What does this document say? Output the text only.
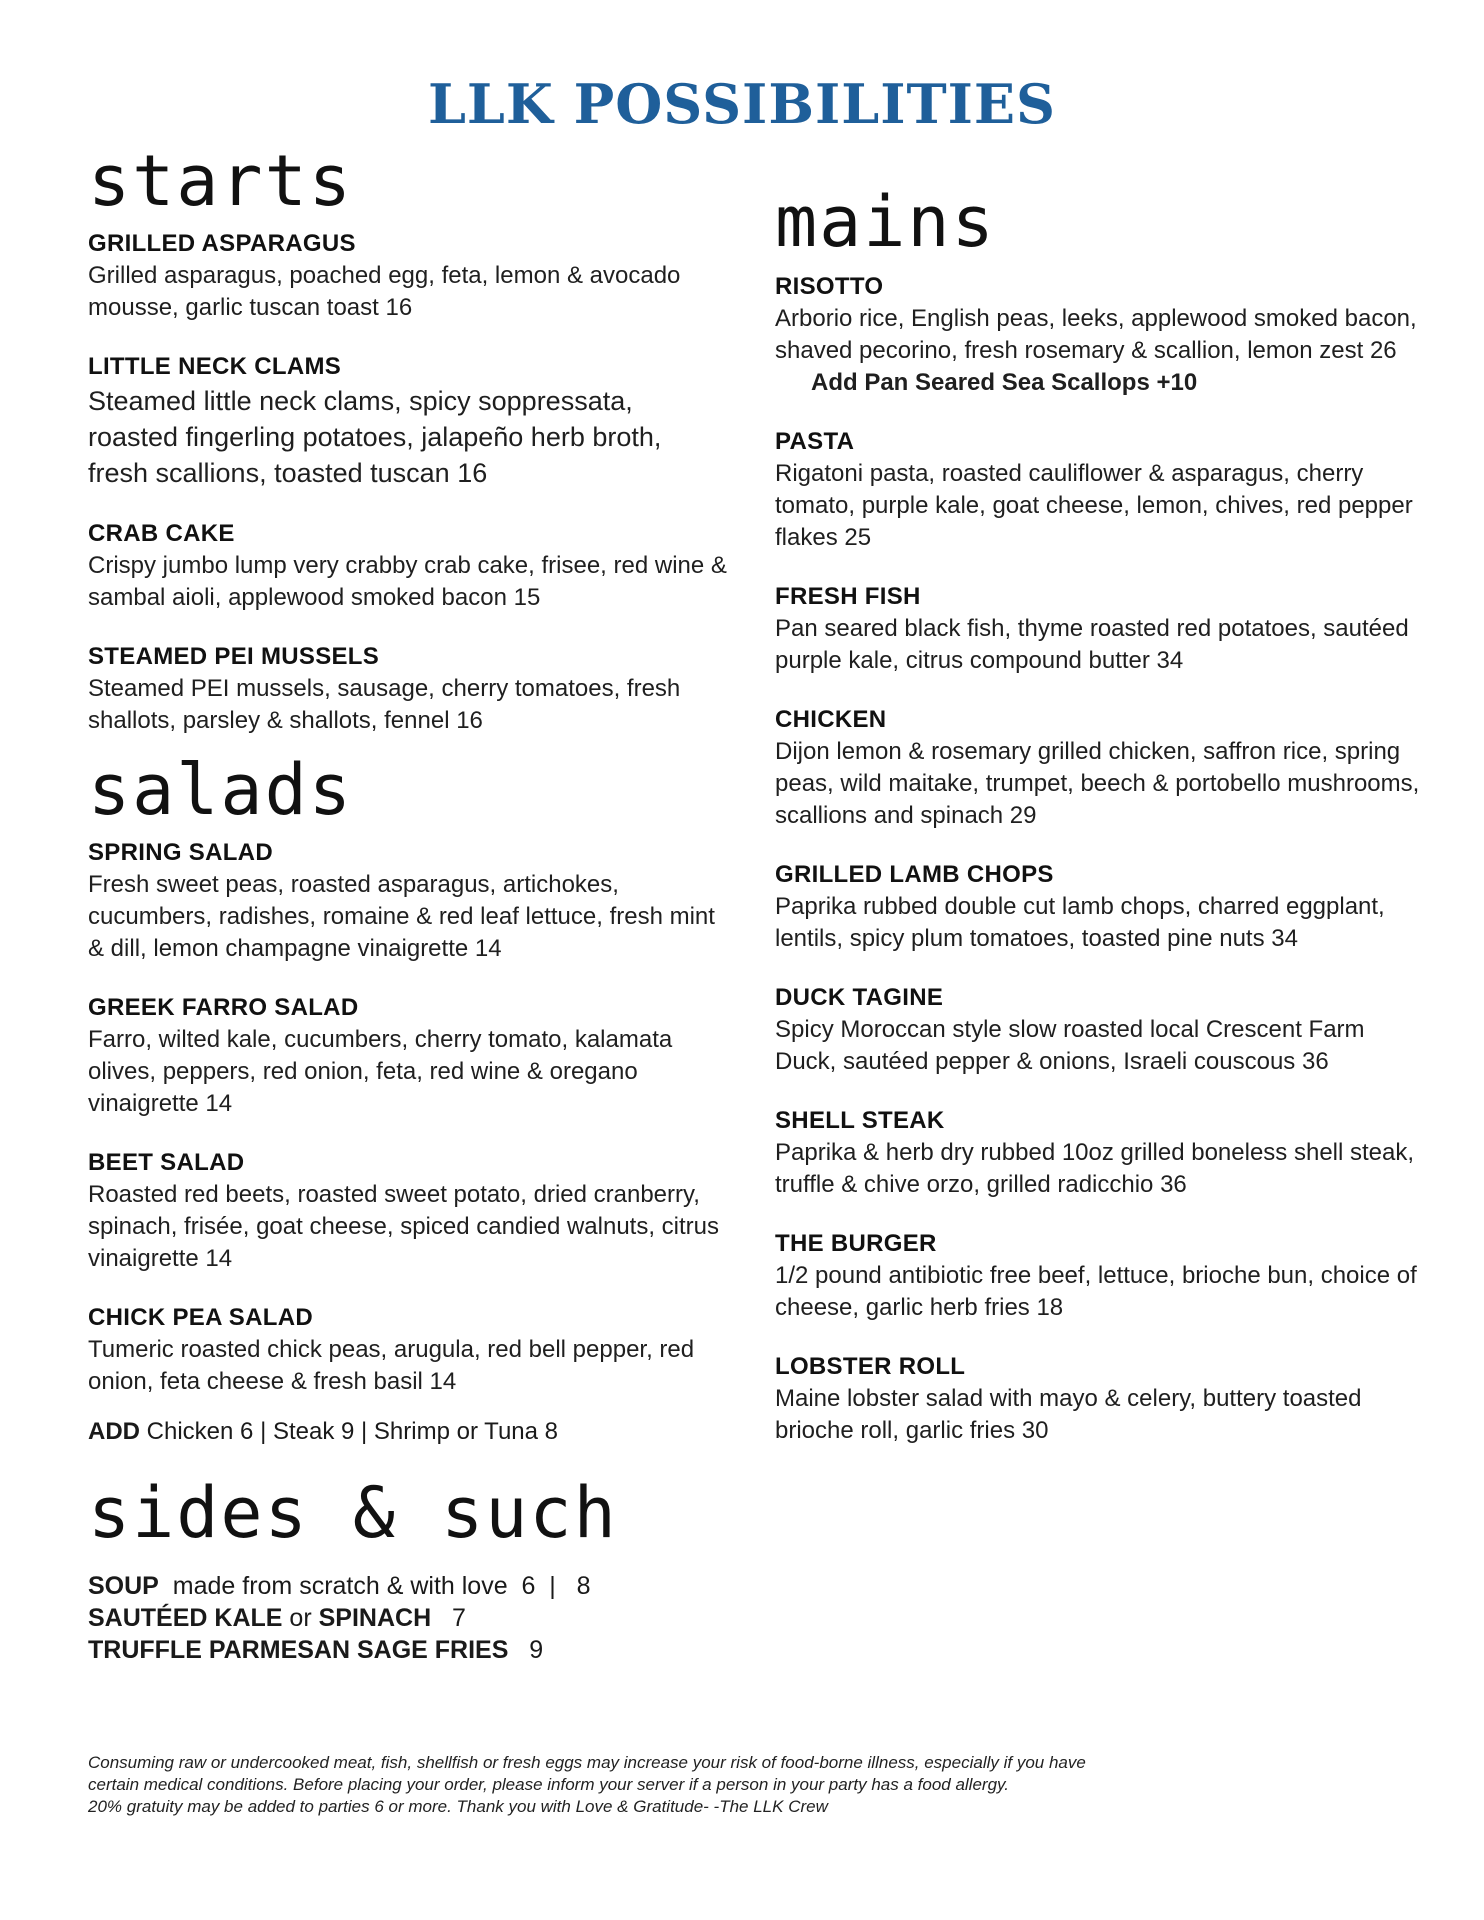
LLK POSSIBILITIES
starts
GRILLED ASPARAGUS
Grilled asparagus, poached egg, feta, lemon & avocado mousse, garlic tuscan toast 16
LITTLE NECK CLAMS
Steamed little neck clams, spicy soppressata, roasted fingerling potatoes, jalapeño herb broth, fresh scallions, toasted tuscan 16
CRAB CAKE
Crispy jumbo lump very crabby crab cake, frisee, red wine & sambal aioli, applewood smoked bacon 15
STEAMED PEI MUSSELS
Steamed PEI mussels, sausage, cherry tomatoes, fresh shallots, parsley & shallots, fennel 16
salads
SPRING SALAD
Fresh sweet peas, roasted asparagus, artichokes, cucumbers, radishes, romaine & red leaf lettuce, fresh mint & dill, lemon champagne vinaigrette 14
GREEK FARRO SALAD
Farro, wilted kale, cucumbers, cherry tomato, kalamata olives, peppers, red onion, feta, red wine & oregano vinaigrette 14
BEET SALAD
Roasted red beets, roasted sweet potato, dried cranberry, spinach, frisée, goat cheese, spiced candied walnuts, citrus vinaigrette 14
CHICK PEA SALAD
Tumeric roasted chick peas, arugula, red bell pepper, red onion, feta cheese & fresh basil 14
ADD Chicken 6 | Steak 9 | Shrimp or Tuna 8
sides & such
SOUP made from scratch & with love  6  |   8
SAUTÉED KALE or SPINACH 7
TRUFFLE PARMESAN SAGE FRIES 9
mains
RISOTTO
Arborio rice, English peas, leeks, applewood smoked bacon, shaved pecorino, fresh rosemary & scallion, lemon zest 26 Add Pan Seared Sea Scallops +10
PASTA
Rigatoni pasta, roasted cauliflower & asparagus, cherry tomato, purple kale, goat cheese, lemon, chives, red pepper flakes 25
FRESH FISH
Pan seared black fish, thyme roasted red potatoes, sautéed purple kale, citrus compound butter 34
CHICKEN
Dijon lemon & rosemary grilled chicken, saffron rice, spring peas, wild maitake, trumpet, beech & portobello mushrooms, scallions and spinach 29
GRILLED LAMB CHOPS
Paprika rubbed double cut lamb chops, charred eggplant, lentils, spicy plum tomatoes, toasted pine nuts 34
DUCK TAGINE
Spicy Moroccan style slow roasted local Crescent Farm Duck, sautéed pepper & onions, Israeli couscous 36
SHELL STEAK
Paprika & herb dry rubbed 10oz grilled boneless shell steak, truffle & chive orzo, grilled radicchio 36
THE BURGER
1/2 pound antibiotic free beef, lettuce, brioche bun, choice of cheese, garlic herb fries 18
LOBSTER ROLL
Maine lobster salad with mayo & celery, buttery toasted brioche roll, garlic fries 30
Consuming raw or undercooked meat, fish, shellfish or fresh eggs may increase your risk of food-borne illness, especially if you have
certain medical conditions. Before placing your order, please inform your server if a person in your party has a food allergy.
20% gratuity may be added to parties 6 or more. Thank you with Love & Gratitude- -The LLK Crew
